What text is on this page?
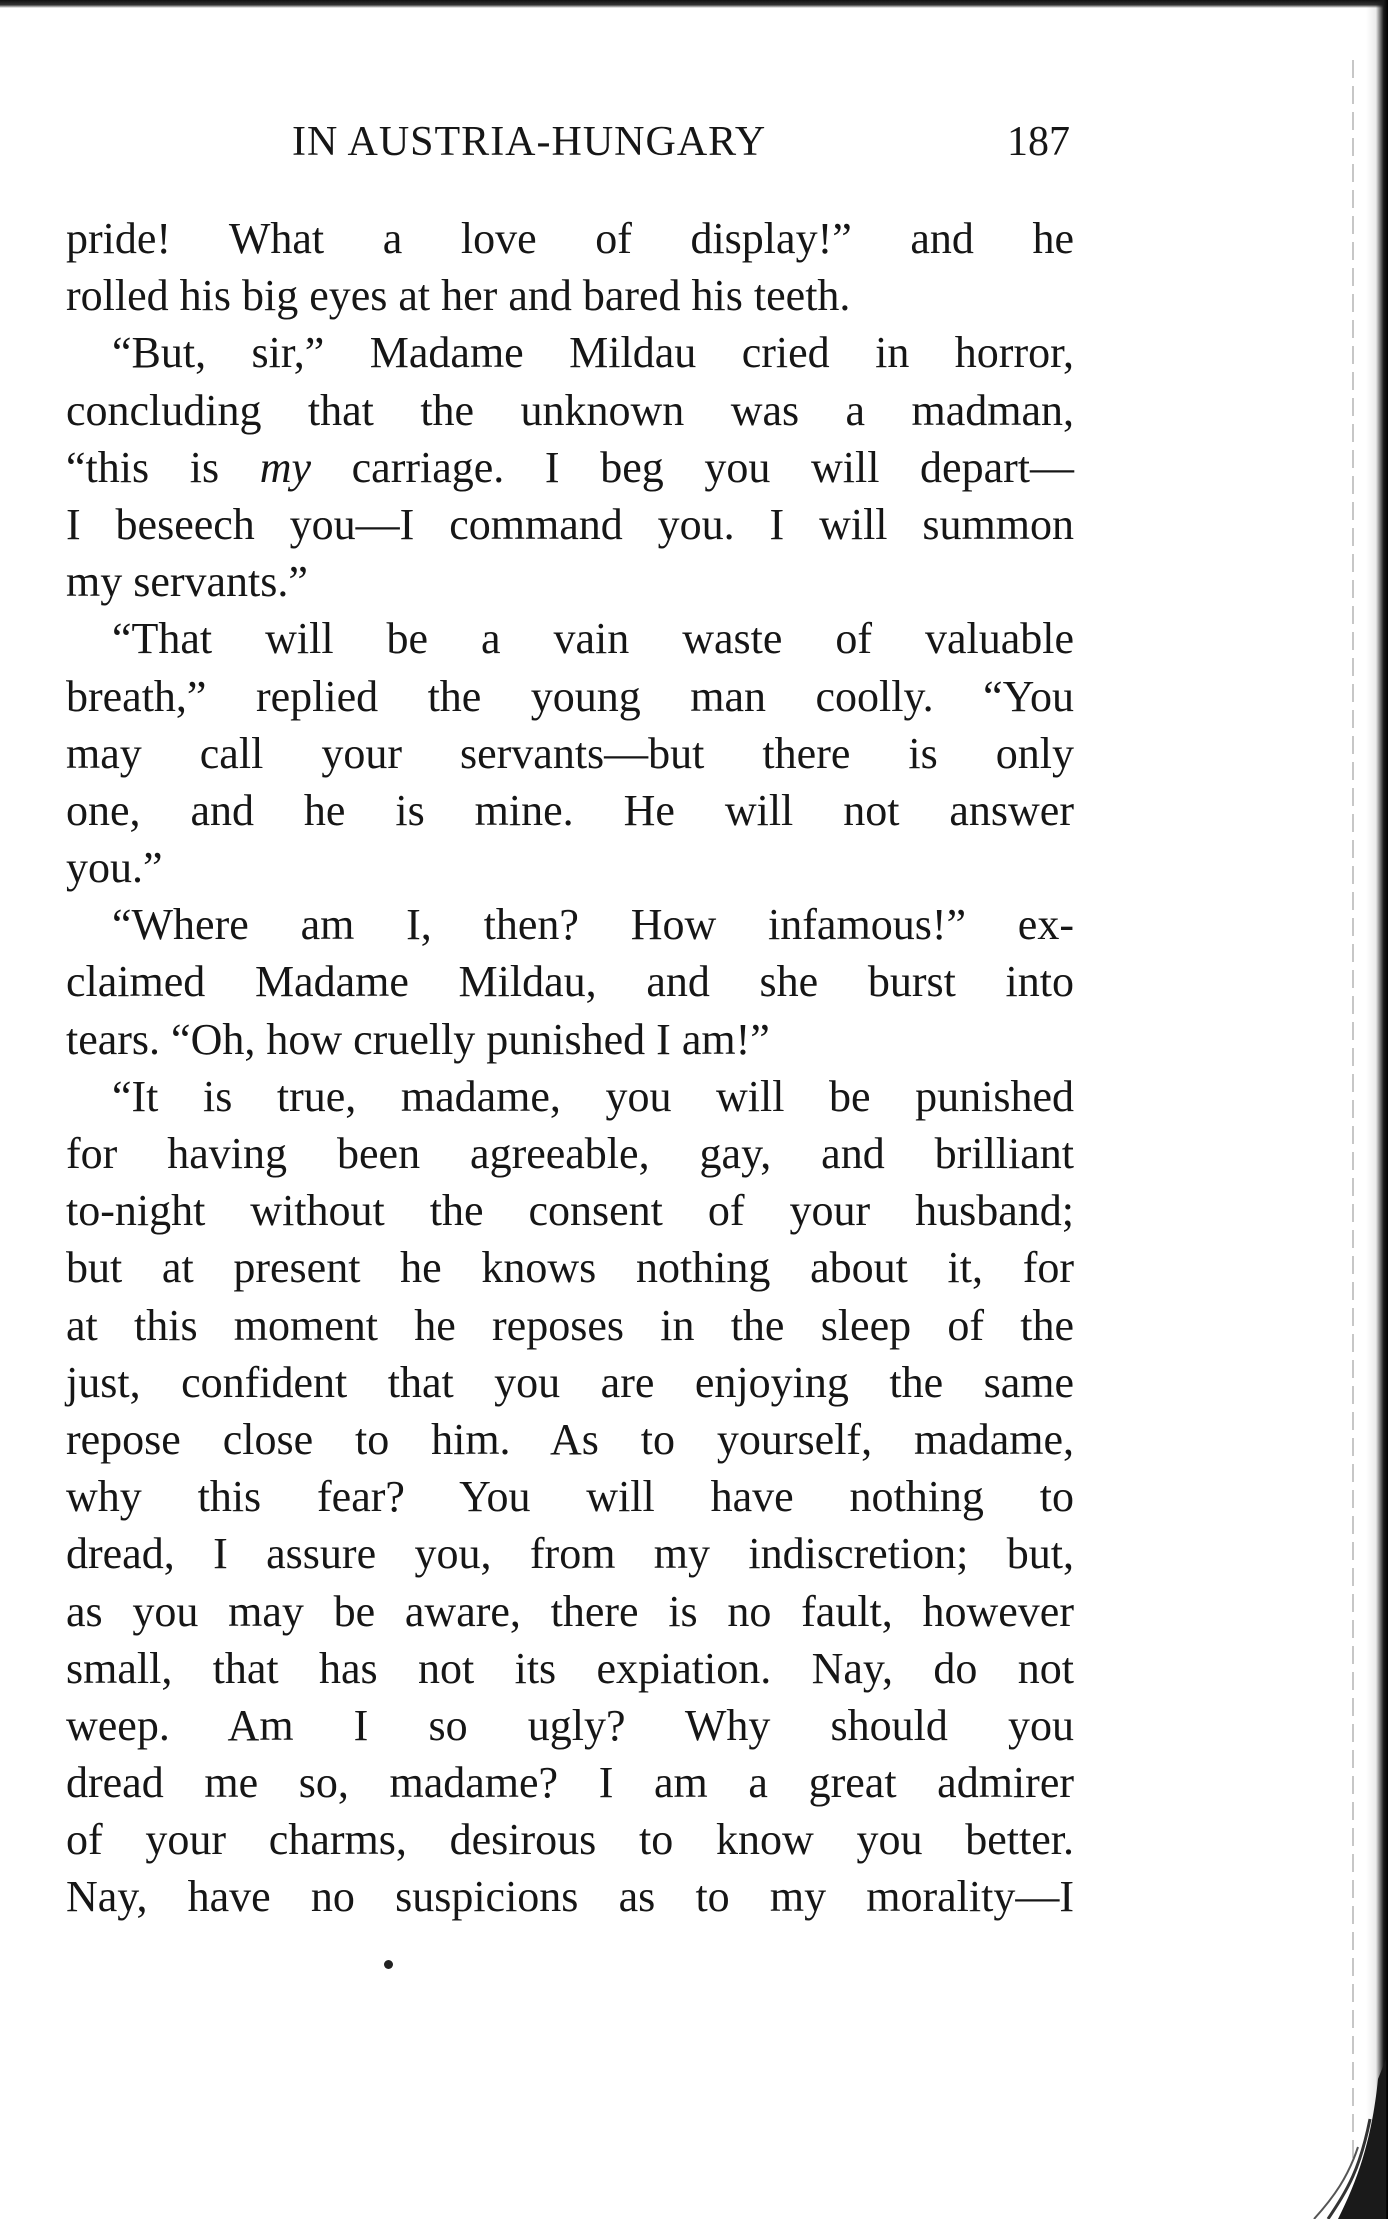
IN AUSTRIA-HUNGARY	187
pride! What a love of display!” and he
rolled his big eyes at her and bared his teeth.
“But, sir,” Madame Mildau cried in horror,
concluding that the unknown was a madman,
“this is my carriage. I beg you will depart—
I beseech you—I command you. I will summon
my servants.”
“That will be a vain waste of valuable
breath,” replied the young man coolly. “You
may call your servants—but there is only
one, and he is mine. He will not answer
you.”
“Where am I, then? How infamous!” ex-
claimed Madame Mildau, and she burst into
tears. “Oh, how cruelly punished I am!”
“It is true, madame, you will be punished
for having been agreeable, gay, and brilliant
to-night without the consent of your husband;
but at present he knows nothing about it, for
at this moment he reposes in the sleep of the
just, confident that you are enjoying the same
repose close to him. As to yourself, madame,
why this fear? You will have nothing to
dread, I assure you, from my indiscretion; but,
as you may be aware, there is no fault, however
small, that has not its expiation. Nay, do not
weep. Am I so ugly? Why should you
dread me so, madame? I am a great admirer
of your charms, desirous to know you better.
Nay, have no suspicions as to my morality—I
